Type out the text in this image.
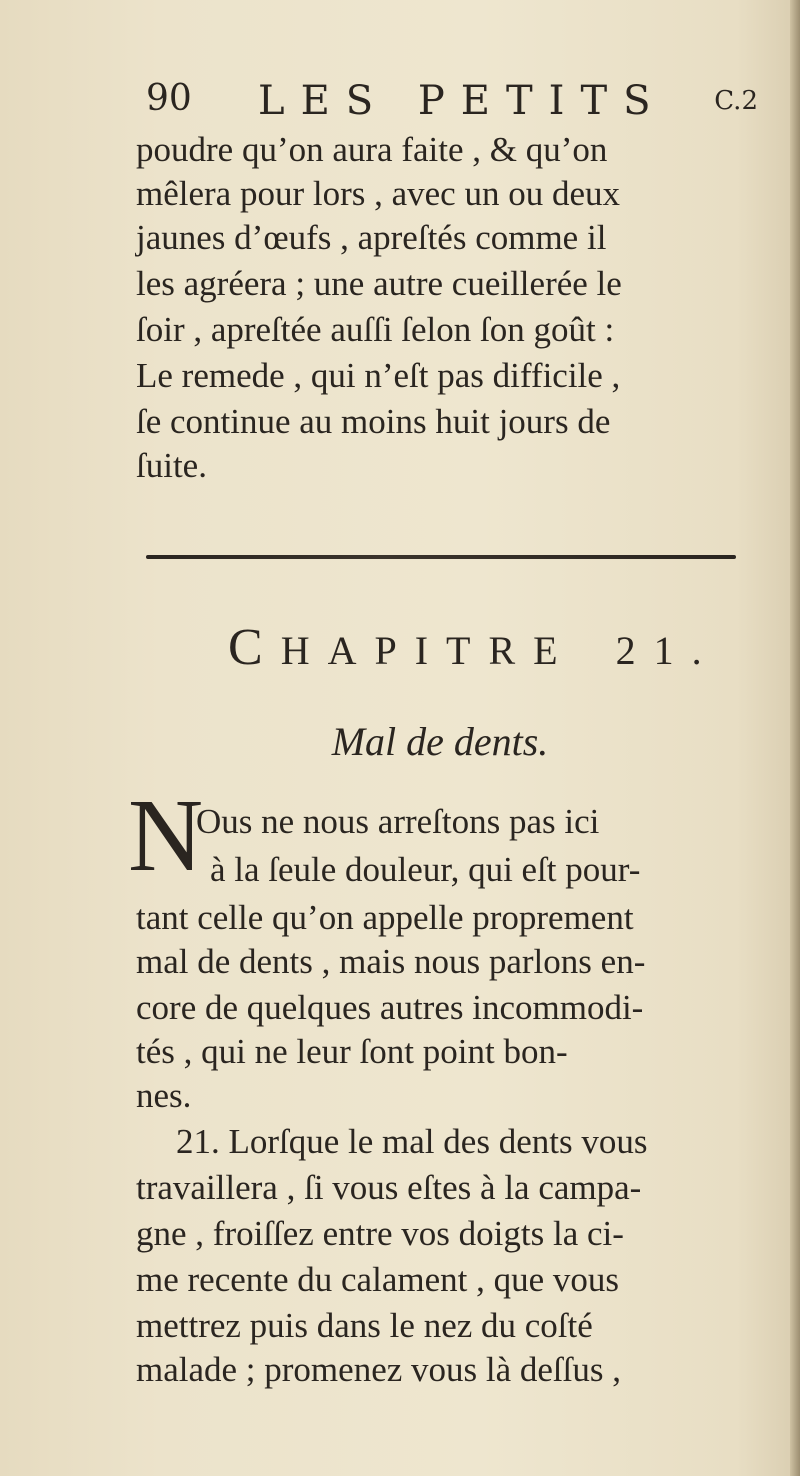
90 LES PETITS C.2
poudre qu’on aura faite , & qu’on
mêlera pour lors , avec un ou deux
jaunes d’œufs , apreſtés comme il
les agréera ; une autre cueillerée le
ſoir , apreſtée auſſi ſelon ſon goût :
Le remede , qui n’eſt pas difficile ,
ſe continue au moins huit jours de
ſuite.
CHAPITRE 21.
Mal de dents.
N
Ous ne nous arreſtons pas ici
à la ſeule douleur, qui eſt pour-
tant celle qu’on appelle proprement
mal de dents , mais nous parlons en-
core de quelques autres incommodi-
tés , qui ne leur ſont point bon-
nes.
21. Lorſque le mal des dents vous
travaillera , ſi vous eſtes à la campa-
gne , froiſſez entre vos doigts la ci-
me recente du calament , que vous
mettrez puis dans le nez du coſté
malade ; promenez vous là deſſus ,
